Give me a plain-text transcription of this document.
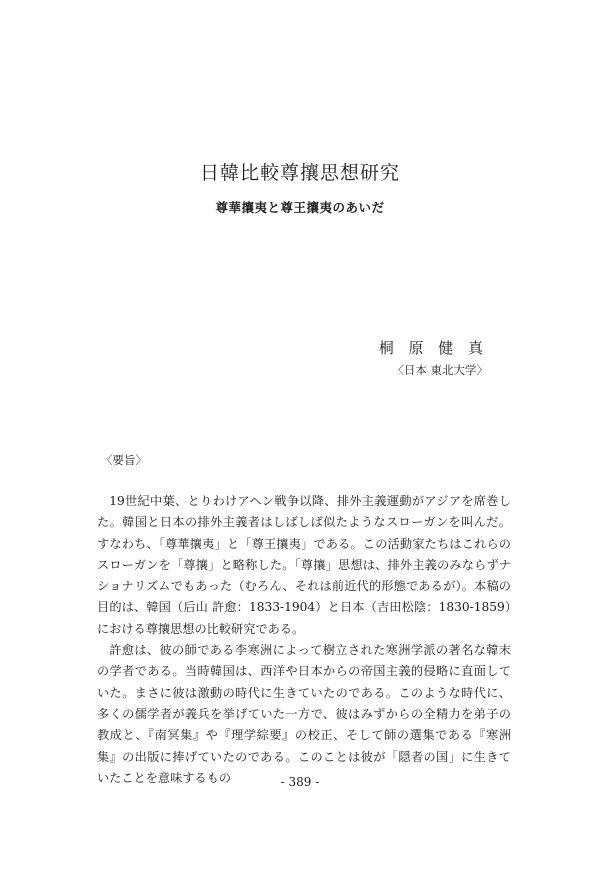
日韓比較尊攘思想研究
尊華攘夷と尊王攘夷のあいだ
桐 原 健 真
〈日本 東北大学〉
〈要旨〉

19世紀中葉、とりわけアヘン戦争以降、排外主義運動がアジアを席巻した。韓国と日本の排外主義者はしばしば似たようなスローガンを叫んだ。すなわち、「尊華攘夷」と「尊王攘夷」である。この活動家たちはこれらのスローガンを「尊攘」と略称した。「尊攘」思想は、排外主義のみならずナショナリズムでもあった（むろん、それは前近代的形態であるが）。本稿の目的は、韓国（后山 許愈：1833-1904）と日本（吉田松陰：1830-1859）における尊攘思想の比較研究である。

許愈は、彼の師である李寒洲によって樹立された寒洲学派の著名な韓末の学者である。当時韓国は、西洋や日本からの帝国主義的侵略に直面していた。まさに彼は激動の時代に生きていたのである。このような時代に、多くの儒学者が義兵を挙げていた一方で、彼はみずからの全精力を弟子の教成と、『南冥集』や『理学綜要』の校正、そして師の選集である『寒洲集』の出版に捧げていたのである。このことは彼が「隠者の国」に生きていたことを意味するもの	- 389 -
